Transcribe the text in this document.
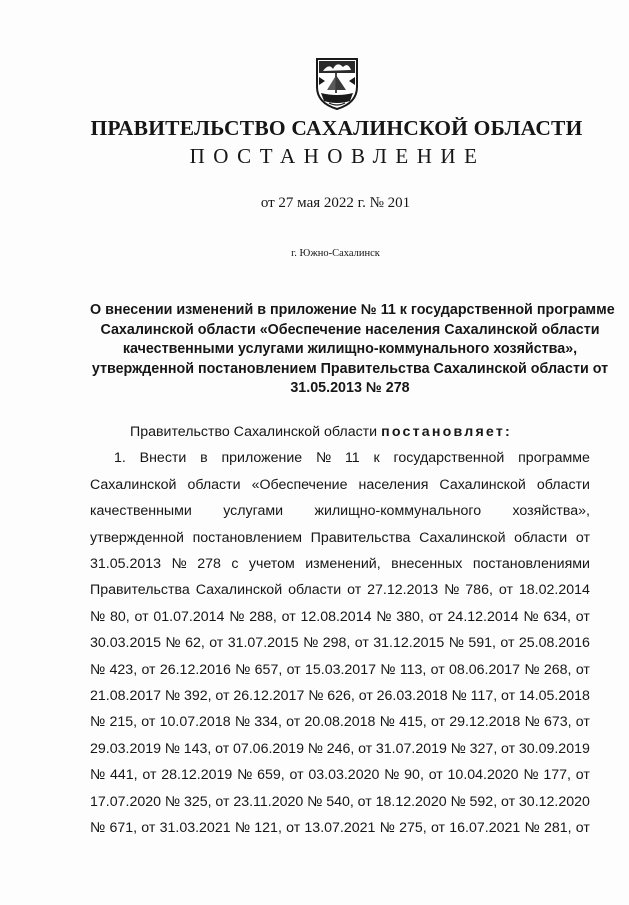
ПРАВИТЕЛЬСТВО САХАЛИНСКОЙ ОБЛАСТИ
ПОСТАНОВЛЕНИЕ
от 27 мая 2022 г. № 201
г. Южно-Сахалинск
О внесении изменений в приложение № 11 к государственной программе
Сахалинской области «Обеспечение населения Сахалинской области
качественными услугами жилищно-коммунального хозяйства»,
утвержденной постановлением Правительства Сахалинской области от
31.05.2013 № 278
Правительство Сахалинской области постановляет:
1. Внести в приложение № 11 к государственной программе
Сахалинской области «Обеспечение населения Сахалинской области
качественными услугами жилищно-коммунального хозяйства»,
утвержденной постановлением Правительства Сахалинской области от
31.05.2013 № 278 с учетом изменений, внесенных постановлениями
Правительства Сахалинской области от 27.12.2013 № 786, от 18.02.2014
№ 80, от 01.07.2014 № 288, от 12.08.2014 № 380, от 24.12.2014 № 634, от
30.03.2015 № 62, от 31.07.2015 № 298, от 31.12.2015 № 591, от 25.08.2016
№ 423, от 26.12.2016 № 657, от 15.03.2017 № 113, от 08.06.2017 № 268, от
21.08.2017 № 392, от 26.12.2017 № 626, от 26.03.2018 № 117, от 14.05.2018
№ 215, от 10.07.2018 № 334, от 20.08.2018 № 415, от 29.12.2018 № 673, от
29.03.2019 № 143, от 07.06.2019 № 246, от 31.07.2019 № 327, от 30.09.2019
№ 441, от 28.12.2019 № 659, от 03.03.2020 № 90, от 10.04.2020 № 177, от
17.07.2020 № 325, от 23.11.2020 № 540, от 18.12.2020 № 592, от 30.12.2020
№ 671, от 31.03.2021 № 121, от 13.07.2021 № 275, от 16.07.2021 № 281, от
